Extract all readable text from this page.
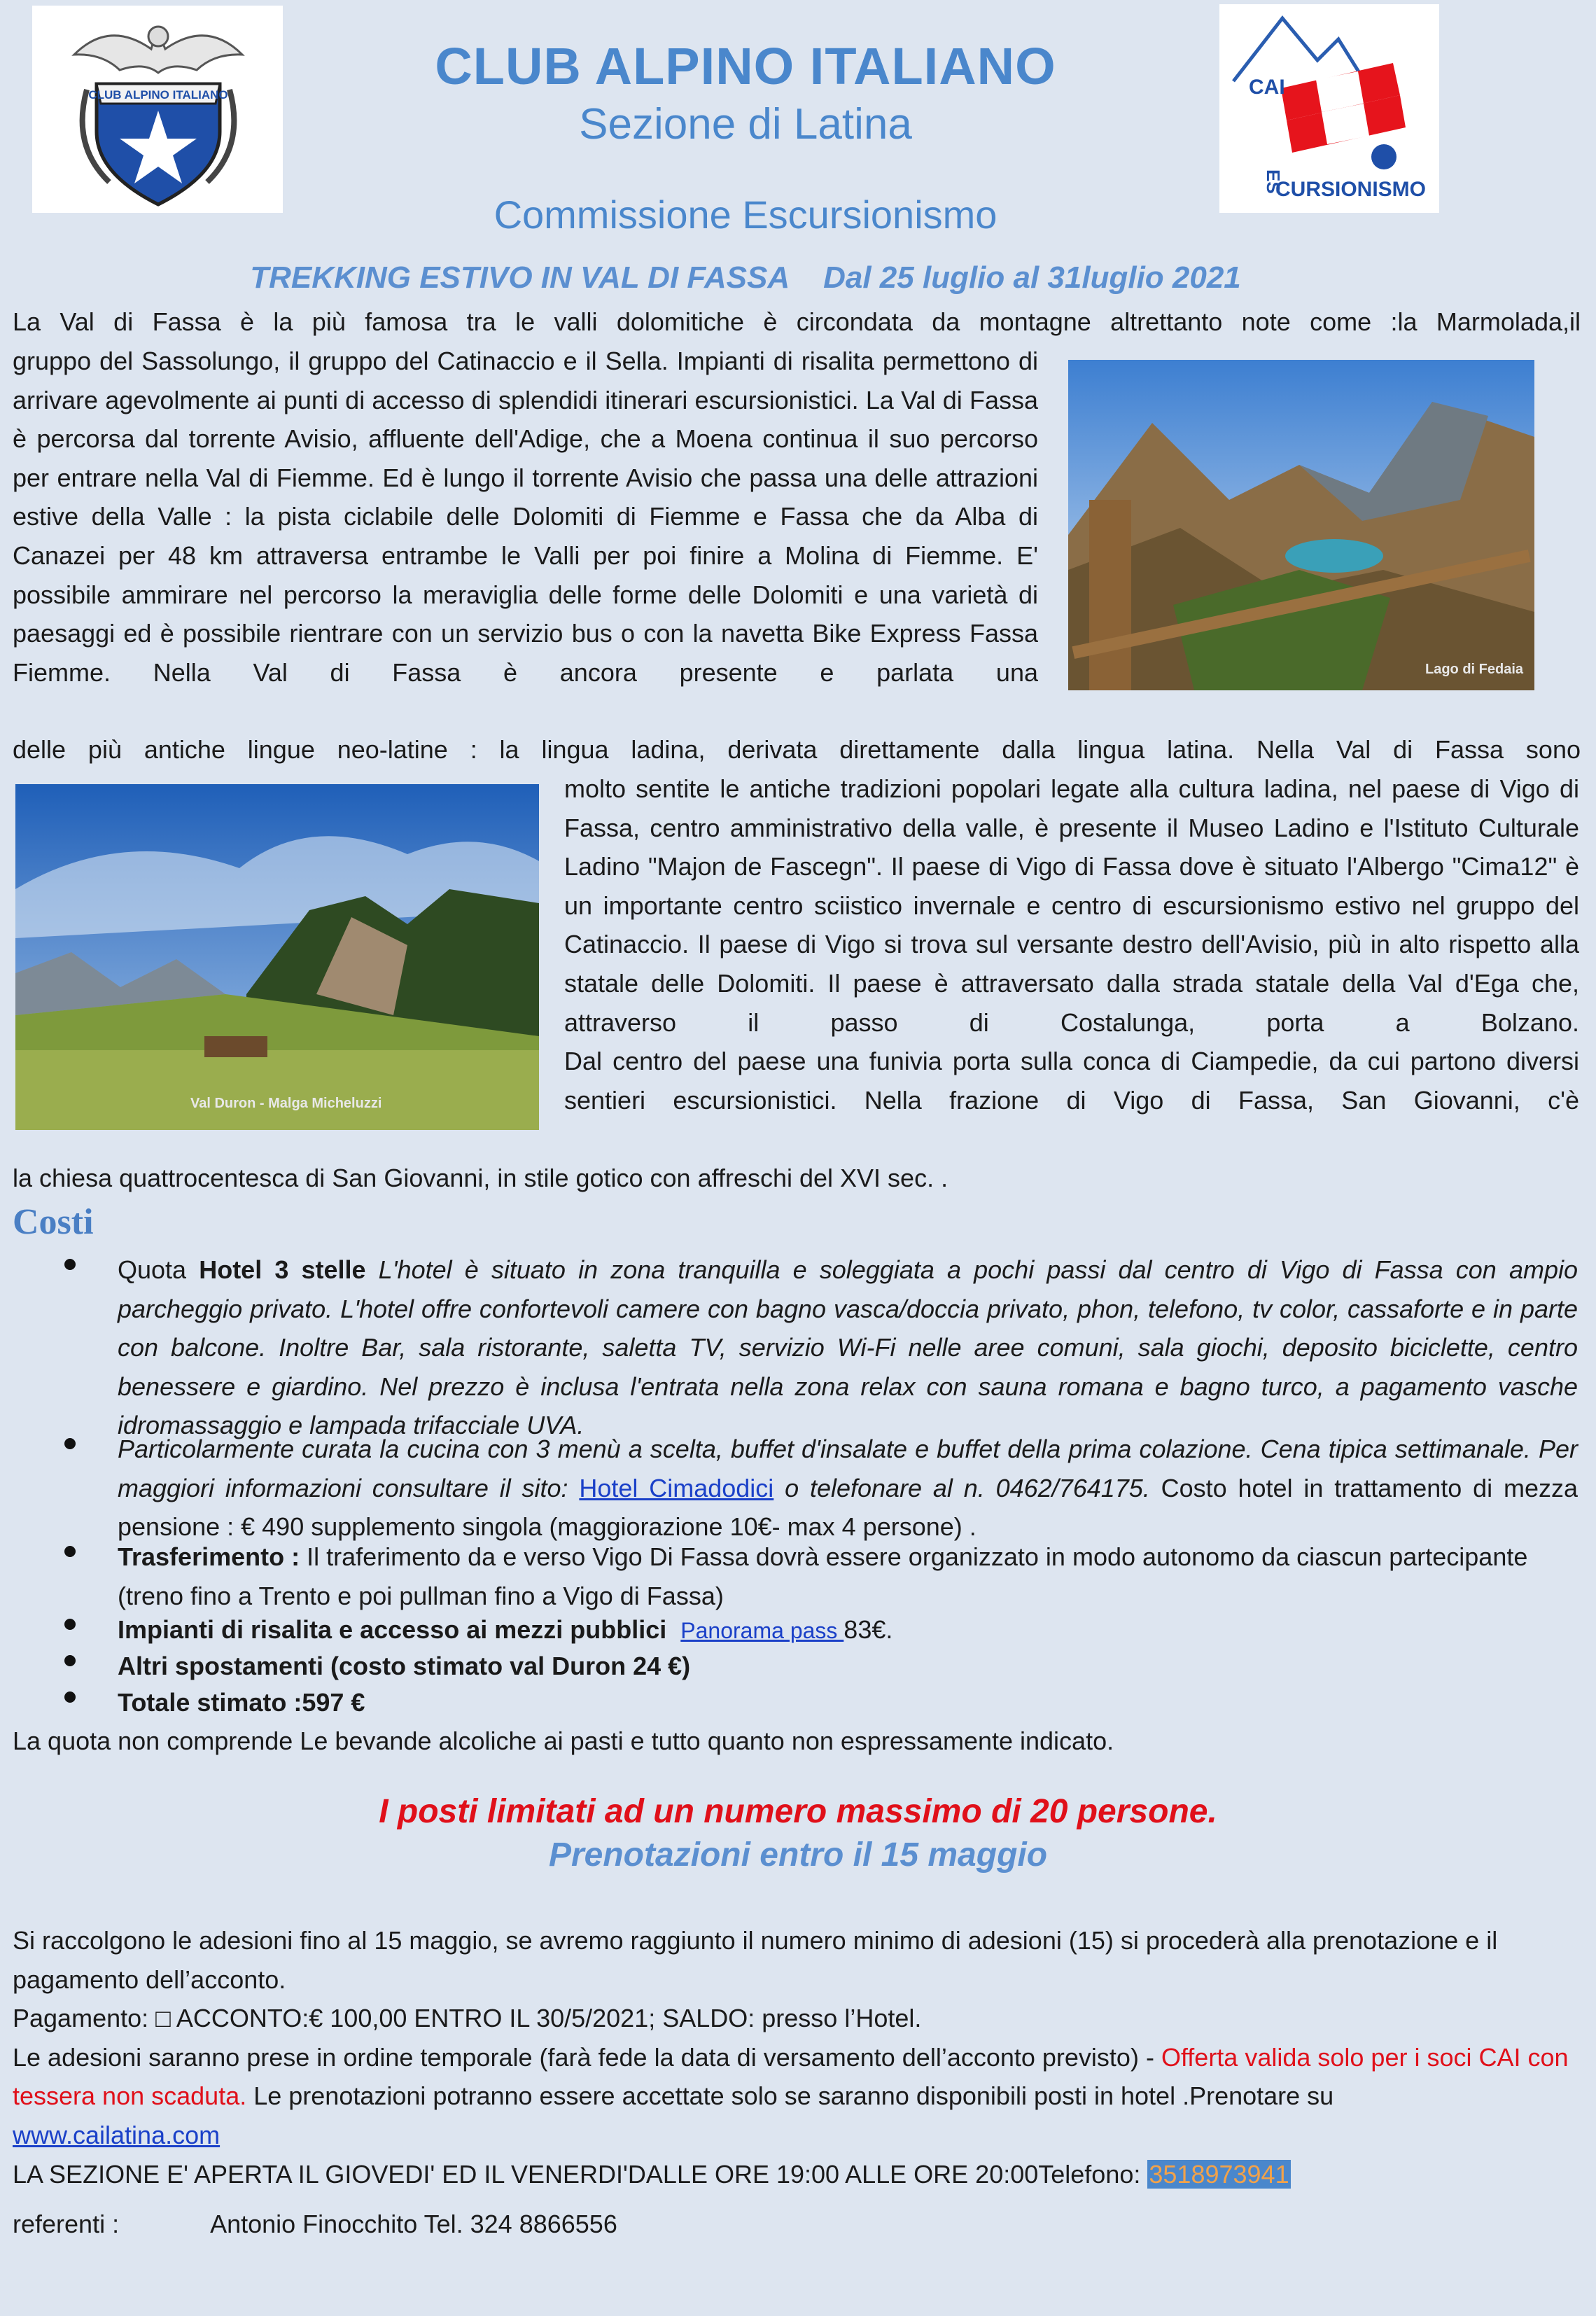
CLUB ALPINO ITALIANO	CAI
ES
CURSIONISMO
CLUB ALPINO ITALIANO
Sezione di Latina
Commissione Escursionismo
TREKKING ESTIVO IN VAL DI FASSA Dal 25 luglio al 31luglio 2021
La Val di Fassa è la più famosa tra le valli dolomitiche è circondata da montagne altrettanto note come :la Marmolada,il
gruppo del Sassolungo, il gruppo del Catinaccio e il Sella. Impianti di risalita permettono di arrivare agevolmente ai punti di accesso di splendidi itinerari escursionistici. La Val di Fassa è percorsa dal torrente Avisio, affluente dell'Adige, che a Moena continua il suo percorso per entrare nella Val di Fiemme. Ed è lungo il torrente Avisio che passa una delle attrazioni estive della Valle : la pista ciclabile delle Dolomiti di Fiemme e Fassa che da Alba di Canazei per 48 km attraversa entrambe le Valli per poi finire a Molina di Fiemme. E' possibile ammirare nel percorso la meraviglia delle forme delle Dolomiti e una varietà di paesaggi ed è possibile rientrare con un servizio bus o con la navetta Bike Express Fassa Fiemme. Nella Val di Fassa è ancora presente e parlata una	Lago di Fedaia
delle più antiche lingue neo-latine : la lingua ladina, derivata direttamente dalla lingua latina. Nella Val di Fassa sono
Val Duron - Malga Micheluzzi
molto sentite le antiche tradizioni popolari legate alla cultura ladina, nel paese di Vigo di Fassa, centro amministrativo della valle, è presente il Museo Ladino e l'Istituto Culturale Ladino "Majon de Fascegn". Il paese di Vigo di Fassa dove è situato l'Albergo "Cima12" è un importante centro sciistico invernale e centro di escursionismo estivo nel gruppo del Catinaccio. Il paese di Vigo si trova sul versante destro dell'Avisio, più in alto rispetto alla statale delle Dolomiti. Il paese è attraversato dalla strada statale della Val d'Ega che, attraverso il passo di Costalunga, porta a Bolzano.
Dal centro del paese una funivia porta sulla conca di Ciampedie, da cui partono diversi sentieri escursionistici. Nella frazione di Vigo di Fassa, San Giovanni, c'è
la chiesa quattrocentesca di San Giovanni, in stile gotico con affreschi del XVI sec. .
Costi
Quota Hotel 3 stelle L'hotel è situato in zona tranquilla e soleggiata a pochi passi dal centro di Vigo di Fassa con ampio parcheggio privato. L'hotel offre confortevoli camere con bagno vasca/doccia privato, phon, telefono, tv color, cassaforte e in parte con balcone. Inoltre Bar, sala ristorante, saletta TV, servizio Wi-Fi nelle aree comuni, sala giochi, deposito biciclette, centro benessere e giardino. Nel prezzo è inclusa l'entrata nella zona relax con sauna romana e bagno turco, a pagamento vasche idromassaggio e lampada trifacciale UVA.
Particolarmente curata la cucina con 3 menù a scelta, buffet d'insalate e buffet della prima colazione. Cena tipica settimanale. Per maggiori informazioni consultare il sito: Hotel Cimadodici o telefonare al n. 0462/764175. Costo hotel in trattamento di mezza pensione : € 490 supplemento singola (maggiorazione 10€- max 4 persone) .
Trasferimento : Il traferimento da e verso Vigo Di Fassa dovrà essere organizzato in modo autonomo da ciascun partecipante (treno fino a Trento e poi pullman fino a Vigo di Fassa)
Impianti di risalita e accesso ai mezzi pubblici Panorama pass 83€.
Altri spostamenti (costo stimato val Duron 24 €)
Totale stimato :597 €
La quota non comprende Le bevande alcoliche ai pasti e tutto quanto non espressamente indicato.
I posti limitati ad un numero massimo di 20 persone.
Prenotazioni entro il 15 maggio
Si raccolgono le adesioni fino al 15 maggio, se avremo raggiunto il numero minimo di adesioni (15) si procederà alla prenotazione e il pagamento dell’acconto.
Pagamento: □ ACCONTO:€ 100,00 ENTRO IL 30/5/2021; SALDO: presso l’Hotel.
Le adesioni saranno prese in ordine temporale (farà fede la data di versamento dell’acconto previsto) - Offerta valida solo per i soci CAI con tessera non scaduta. Le prenotazioni potranno essere accettate solo se saranno disponibili posti in hotel .Prenotare su
www.cailatina.com
LA SEZIONE E' APERTA IL GIOVEDI' ED IL VENERDI'DALLE ORE 19:00 ALLE ORE 20:00Telefono: 3518973941
referenti :	Antonio Finocchito Tel. 324 8866556
